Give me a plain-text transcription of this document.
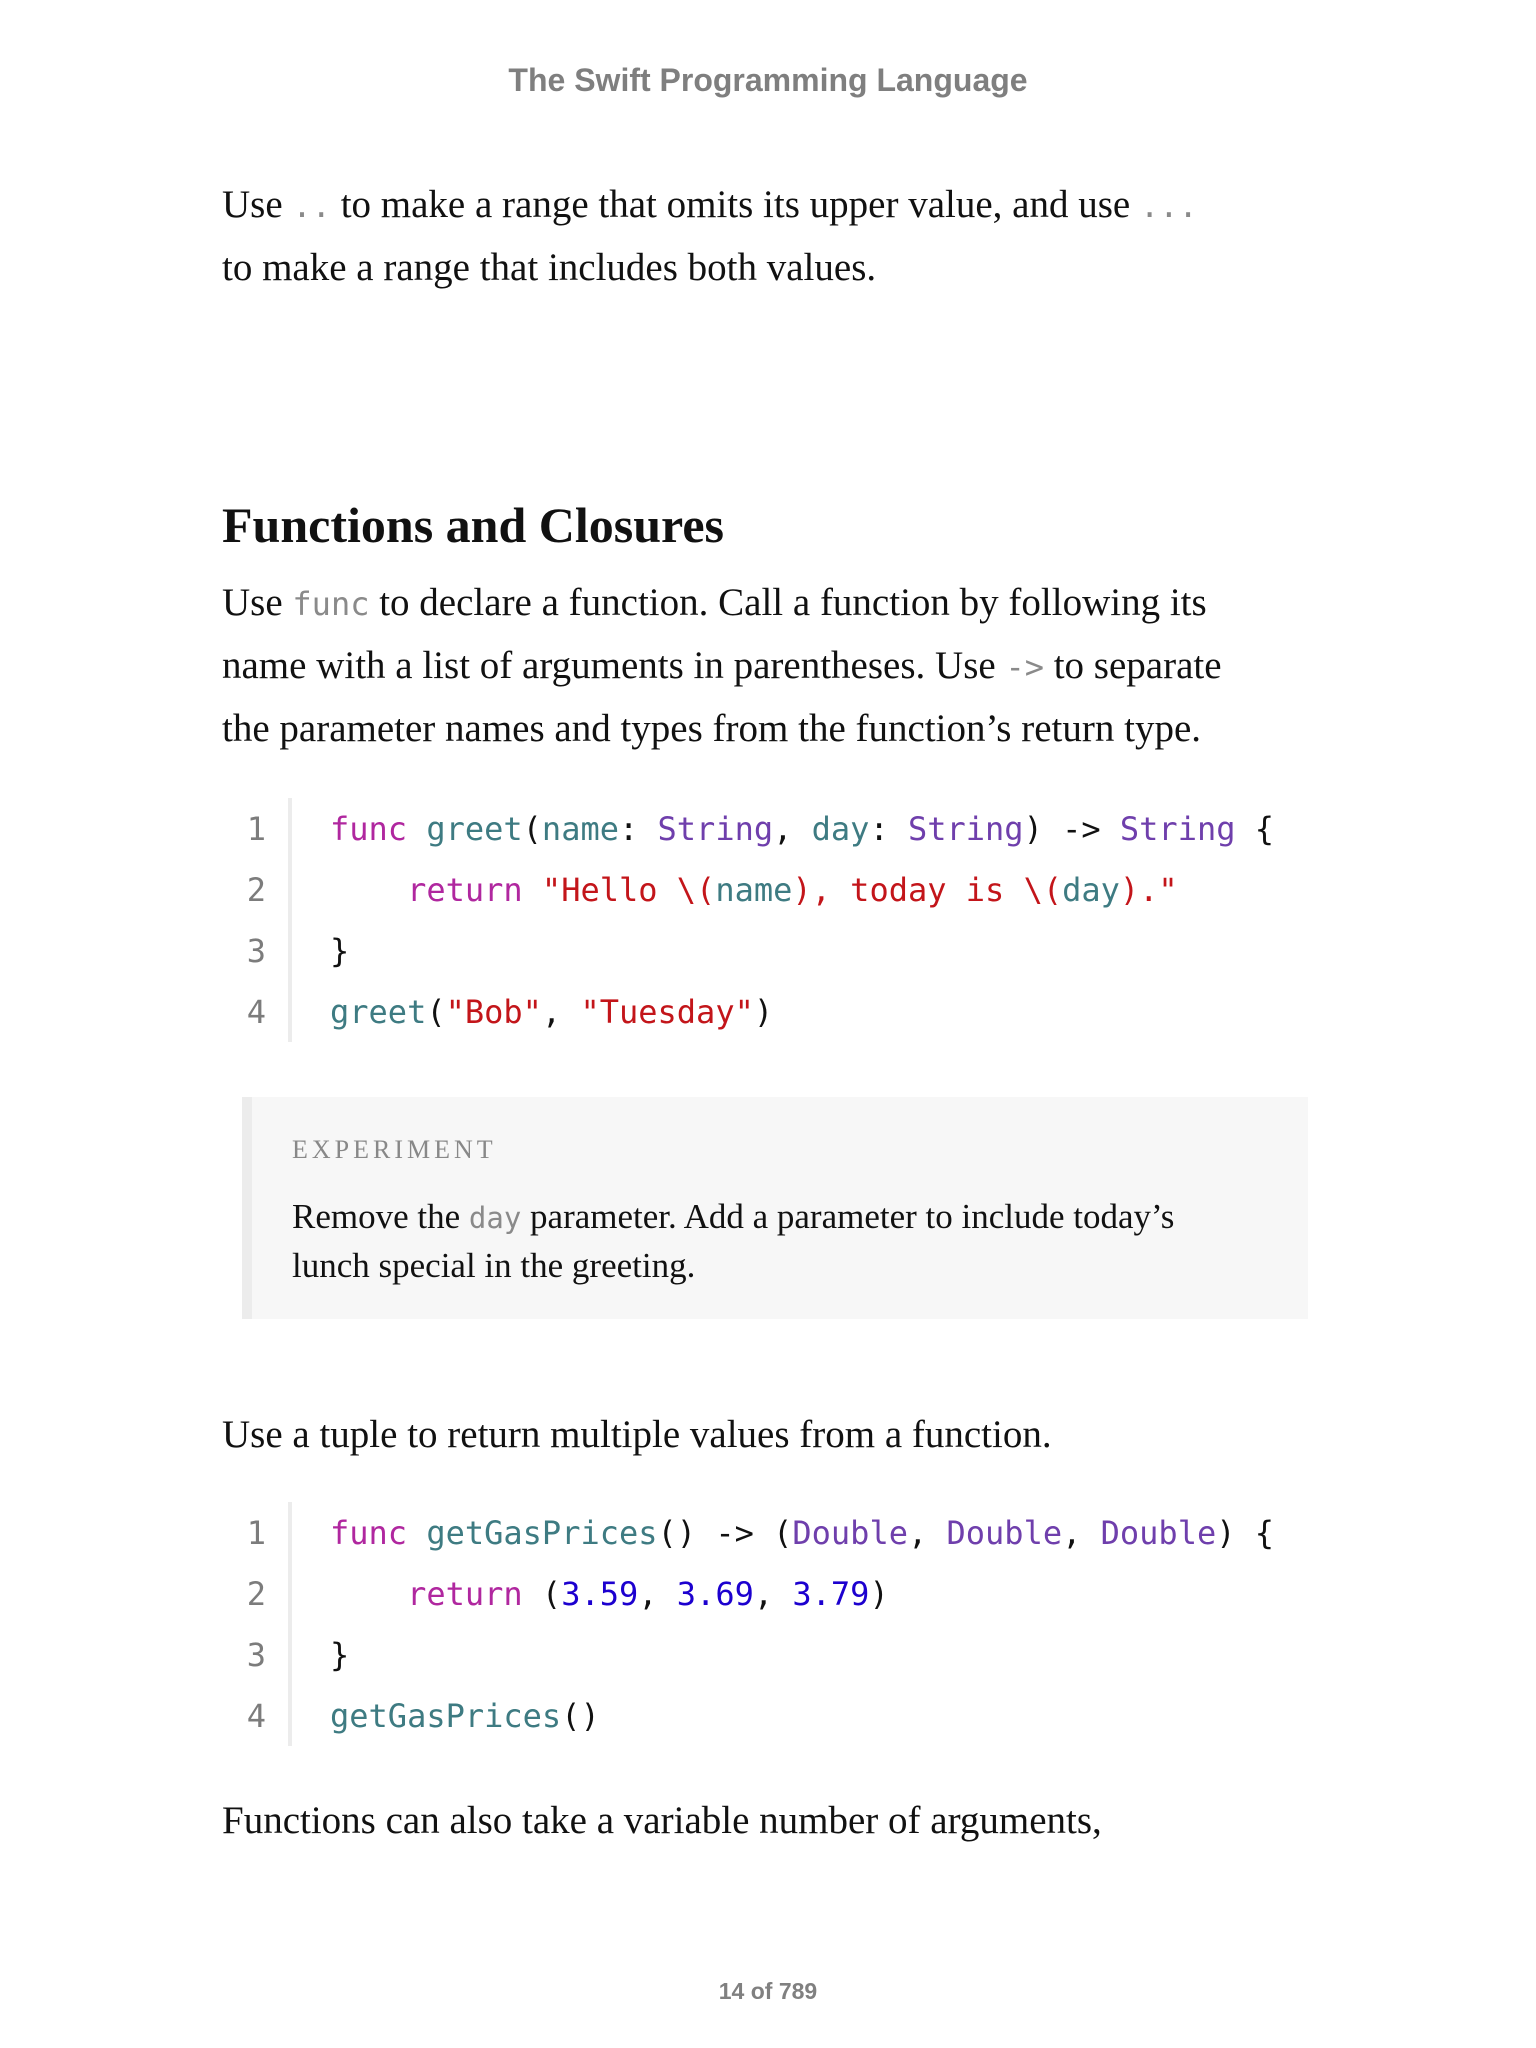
The Swift Programming Language
Use .. to make a range that omits its upper value, and use ...
to make a range that includes both values.
Functions and Closures
Use func to declare a function. Call a function by following its
name with a list of arguments in parentheses. Use -> to separate
the parameter names and types from the function’s return type.
1 func greet(name: String, day: String) -> String {
2	return "Hello \(name), today is \(day)."
3 }
4 greet("Bob", "Tuesday")
EXPERIMENT
Remove the day parameter. Add a parameter to include today’s
lunch special in the greeting.
Use a tuple to return multiple values from a function.
1 func getGasPrices() -> (Double, Double, Double) {
2	return (3.59, 3.69, 3.79)
3 }
4 getGasPrices()
Functions can also take a variable number of arguments,
14 of 789
